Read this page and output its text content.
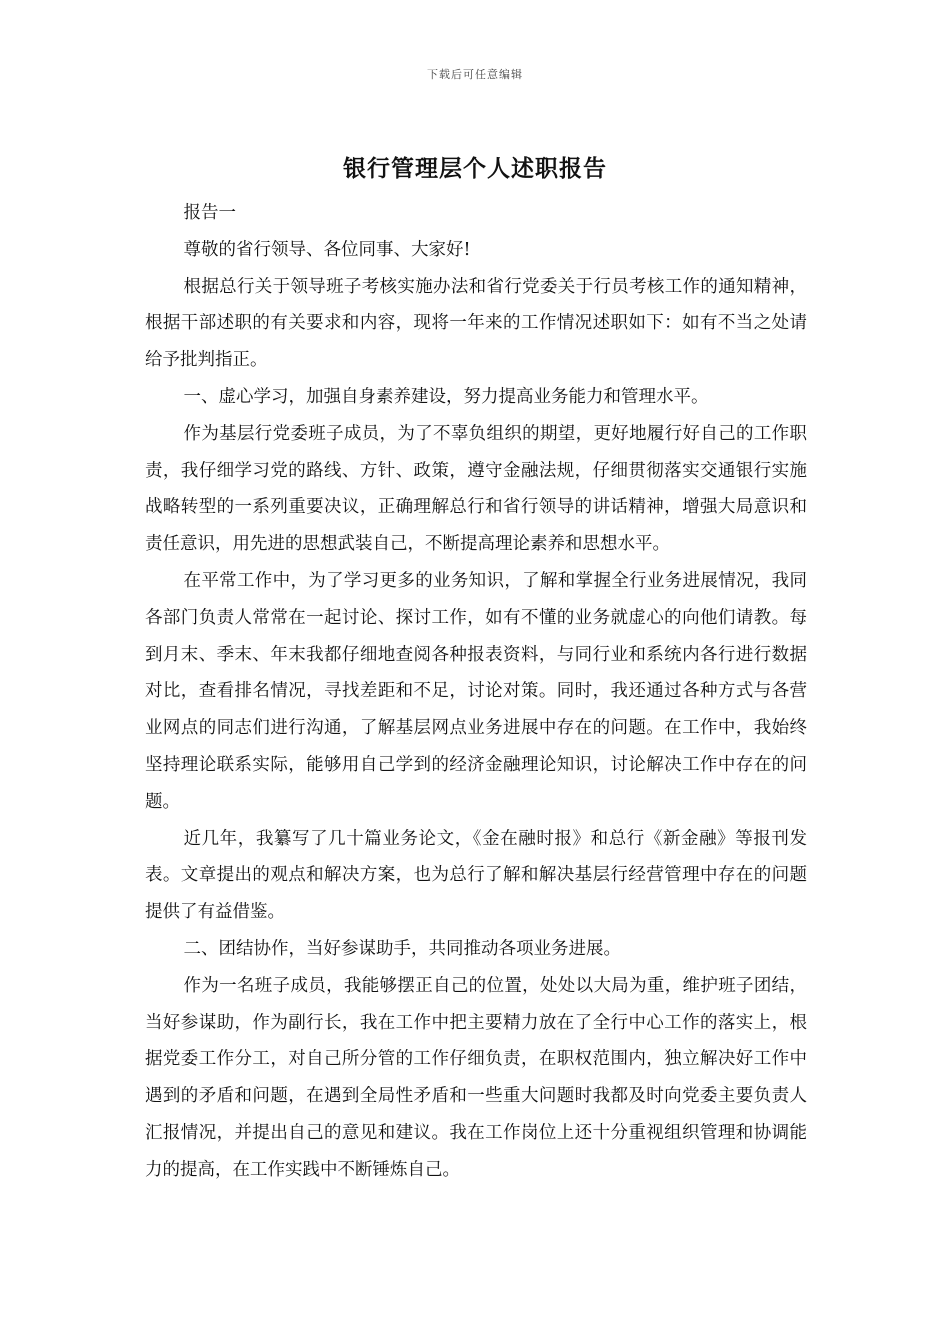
下载后可任意编辑
银行管理层个人述职报告

报告一

尊敬的省行领导、各位同事、大家好!

根据总行关于领导班子考核实施办法和省行党委关于行员考核工作的通知精神，根据干部述职的有关要求和内容，现将一年来的工作情况述职如下：如有不当之处请给予批判指正。

一、虚心学习，加强自身素养建设，努力提高业务能力和管理水平。

作为基层行党委班子成员，为了不辜负组织的期望，更好地履行好自己的工作职责，我仔细学习党的路线、方针、政策，遵守金融法规，仔细贯彻落实交通银行实施战略转型的一系列重要决议，正确理解总行和省行领导的讲话精神，增强大局意识和责任意识，用先进的思想武装自己，不断提高理论素养和思想水平。

在平常工作中，为了学习更多的业务知识，了解和掌握全行业务进展情况，我同各部门负责人常常在一起讨论、探讨工作，如有不懂的业务就虚心的向他们请教。每到月末、季末、年末我都仔细地查阅各种报表资料，与同行业和系统内各行进行数据对比，查看排名情况，寻找差距和不足，讨论对策。同时，我还通过各种方式与各营业网点的同志们进行沟通，了解基层网点业务进展中存在的问题。在工作中，我始终坚持理论联系实际，能够用自己学到的经济金融理论知识，讨论解决工作中存在的问题。

近几年，我纂写了几十篇业务论文，《金在融时报》和总行《新金融》等报刊发表。文章提出的观点和解决方案，也为总行了解和解决基层行经营管理中存在的问题提供了有益借鉴。

二、团结协作，当好参谋助手，共同推动各项业务进展。

作为一名班子成员，我能够摆正自己的位置，处处以大局为重，维护班子团结，当好参谋助，作为副行长，我在工作中把主要精力放在了全行中心工作的落实上，根据党委工作分工，对自己所分管的工作仔细负责，在职权范围内，独立解决好工作中遇到的矛盾和问题，在遇到全局性矛盾和一些重大问题时我都及时向党委主要负责人汇报情况，并提出自己的意见和建议。我在工作岗位上还十分重视组织管理和协调能力的提高，在工作实践中不断锤炼自己。
